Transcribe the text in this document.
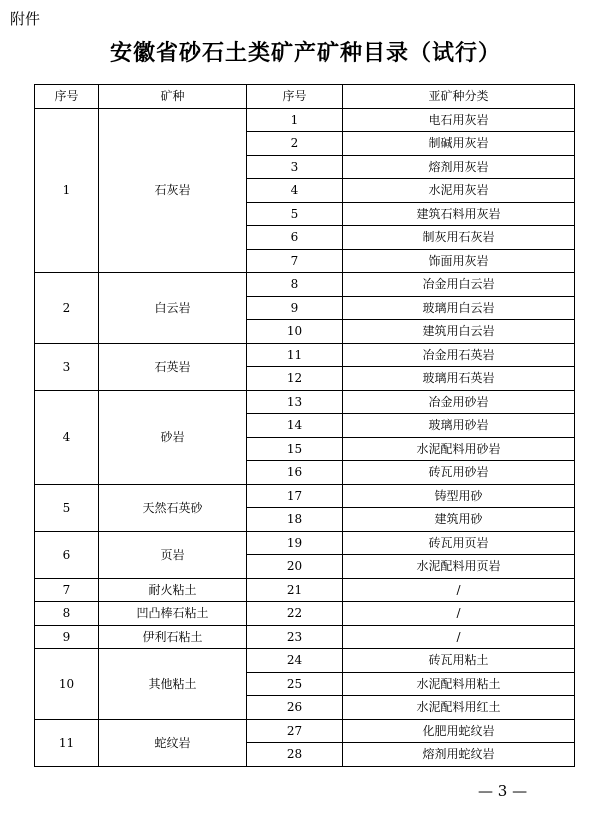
附件
安徽省砂石土类矿产矿种目录（试行）
序号	矿种	序号	亚矿种分类
1	石灰岩	1	电石用灰岩
		2	制碱用灰岩
		3	熔剂用灰岩
		4	水泥用灰岩
		5	建筑石料用灰岩
		6	制灰用石灰岩
		7	饰面用灰岩
2	白云岩	8	冶金用白云岩
		9	玻璃用白云岩
		10	建筑用白云岩
3	石英岩	11	冶金用石英岩
		12	玻璃用石英岩
4	砂岩	13	冶金用砂岩
		14	玻璃用砂岩
		15	水泥配料用砂岩
		16	砖瓦用砂岩
5	天然石英砂	17	铸型用砂
		18	建筑用砂
6	页岩	19	砖瓦用页岩
		20	水泥配料用页岩
7	耐火粘土	21	/
8	凹凸棒石粘土	22	/
9	伊利石粘土	23	/
10	其他粘土	24	砖瓦用粘土
		25	水泥配料用粘土
		26	水泥配料用红土
11	蛇纹岩	27	化肥用蛇纹岩
		28	熔剂用蛇纹岩
— 3 —
